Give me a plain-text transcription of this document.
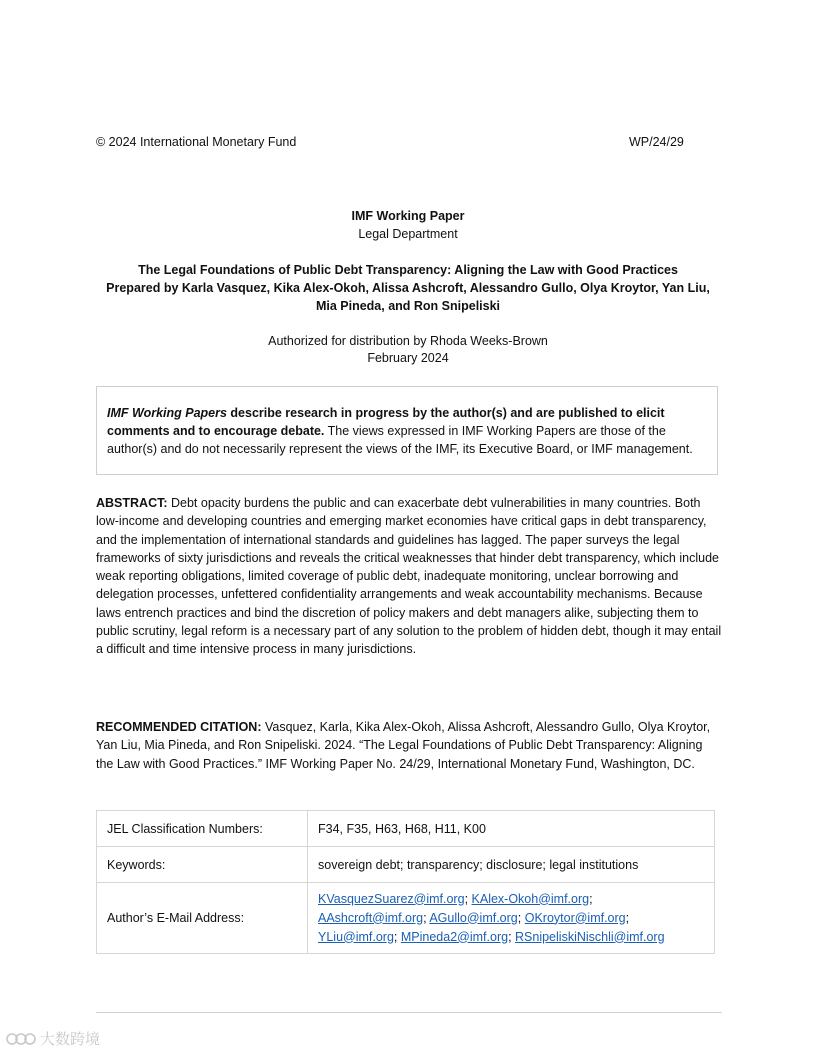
© 2024 International Monetary Fund	WP/24/29
IMF Working Paper
Legal Department
The Legal Foundations of Public Debt Transparency: Aligning the Law with Good Practices
Prepared by Karla Vasquez, Kika Alex-Okoh, Alissa Ashcroft, Alessandro Gullo, Olya Kroytor, Yan Liu,
Mia Pineda, and Ron Snipeliski
Authorized for distribution by Rhoda Weeks-Brown
February 2024
IMF Working Papers describe research in progress by the author(s) and are published to elicit comments and to encourage debate. The views expressed in IMF Working Papers are those of the author(s) and do not necessarily represent the views of the IMF, its Executive Board, or IMF management.
ABSTRACT: Debt opacity burdens the public and can exacerbate debt vulnerabilities in many countries. Both low-income and developing countries and emerging market economies have critical gaps in debt transparency, and the implementation of international standards and guidelines has lagged. The paper surveys the legal frameworks of sixty jurisdictions and reveals the critical weaknesses that hinder debt transparency, which include weak reporting obligations, limited coverage of public debt, inadequate monitoring, unclear borrowing and delegation processes, unfettered confidentiality arrangements and weak accountability mechanisms. Because laws entrench practices and bind the discretion of policy makers and debt managers alike, subjecting them to public scrutiny, legal reform is a necessary part of any solution to the problem of hidden debt, though it may entail a difficult and time intensive process in many jurisdictions.
RECOMMENDED CITATION: Vasquez, Karla, Kika Alex-Okoh, Alissa Ashcroft, Alessandro Gullo, Olya Kroytor, Yan Liu, Mia Pineda, and Ron Snipeliski. 2024. “The Legal Foundations of Public Debt Transparency: Aligning the Law with Good Practices.” IMF Working Paper No. 24/29, International Monetary Fund, Washington, DC.
JEL Classification Numbers:	F34, F35, H63, H68, H11, K00
Keywords:	sovereign debt; transparency; disclosure; legal institutions
Author’s E-Mail Address:	KVasquezSuarez@imf.org; KAlex-Okoh@imf.org;
AAshcroft@imf.org; AGullo@imf.org; OKroytor@imf.org;
YLiu@imf.org; MPineda2@imf.org; RSnipeliskiNischli@imf.org
大数跨境
